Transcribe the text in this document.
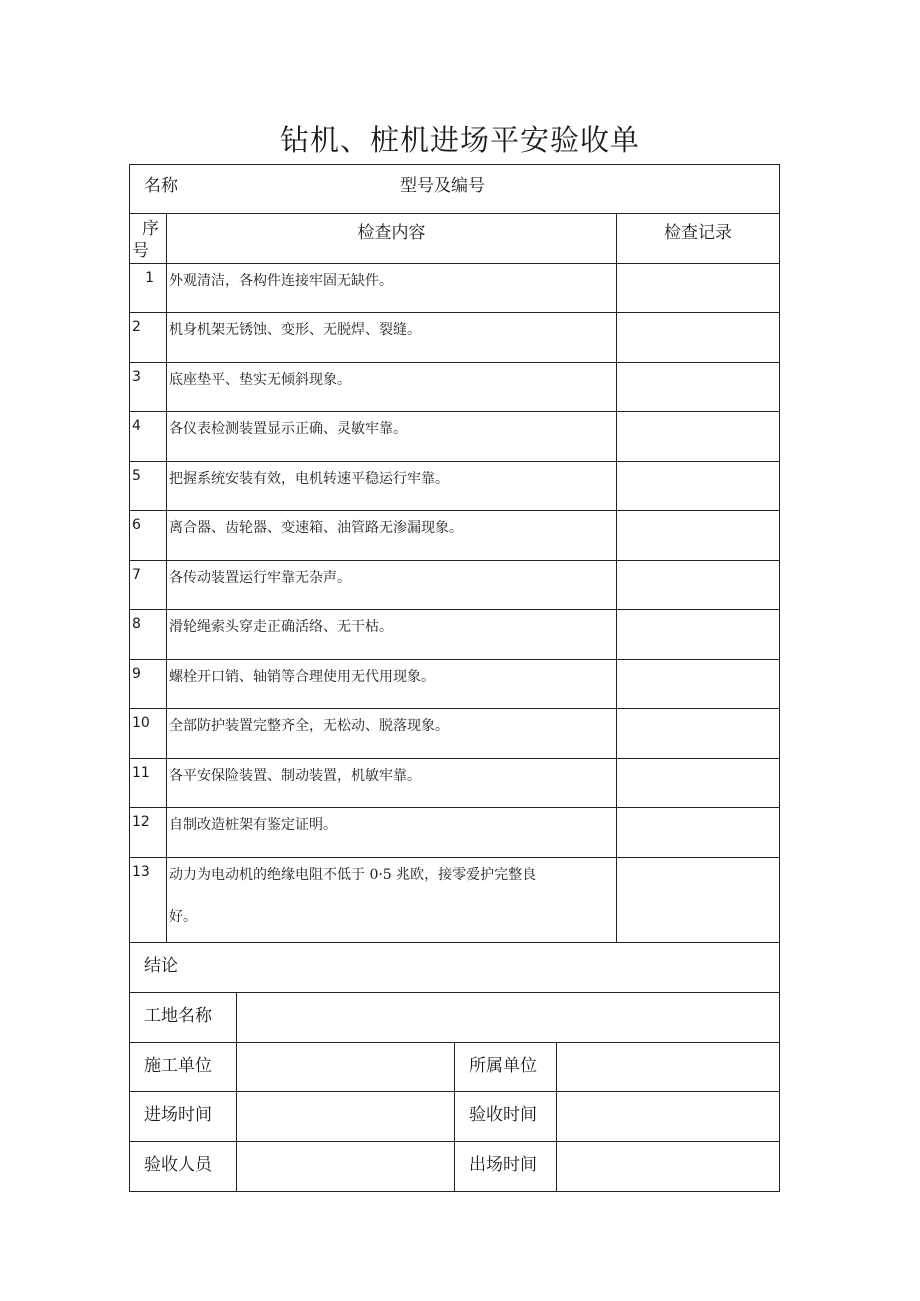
钻机、桩机进场平安验收单
名称 型号及编号					

序
号	检查内容				检查记录
1	外观清洁，各构件连接牢固无缺件。				
2	机身机架无锈蚀、变形、无脱焊、裂缝。				
3	底座垫平、垫实无倾斜现象。				
4	各仪表检测装置显示正确、灵敏牢靠。				
5	把握系统安装有效，电机转速平稳运行牢靠。				
6	离合器、齿轮器、变速箱、油管路无渗漏现象。				
7	各传动装置运行牢靠无杂声。				
8	滑轮绳索头穿走正确活络、无干枯。				
9	螺栓开口销、轴销等合理使用无代用现象。				
10	全部防护装置完整齐全，无松动、脱落现象。				
11	各平安保险装置、制动装置，机敏牢靠。				
12	自制改造桩架有鉴定证明。				
13	动力为电动机的绝缘电阻不低于 0·5 兆欧，接零爱护完整良
好。				

结论					
工地名称					
施工单位			所属单位		
进场时间			验收时间		
验收人员			出场时间		
